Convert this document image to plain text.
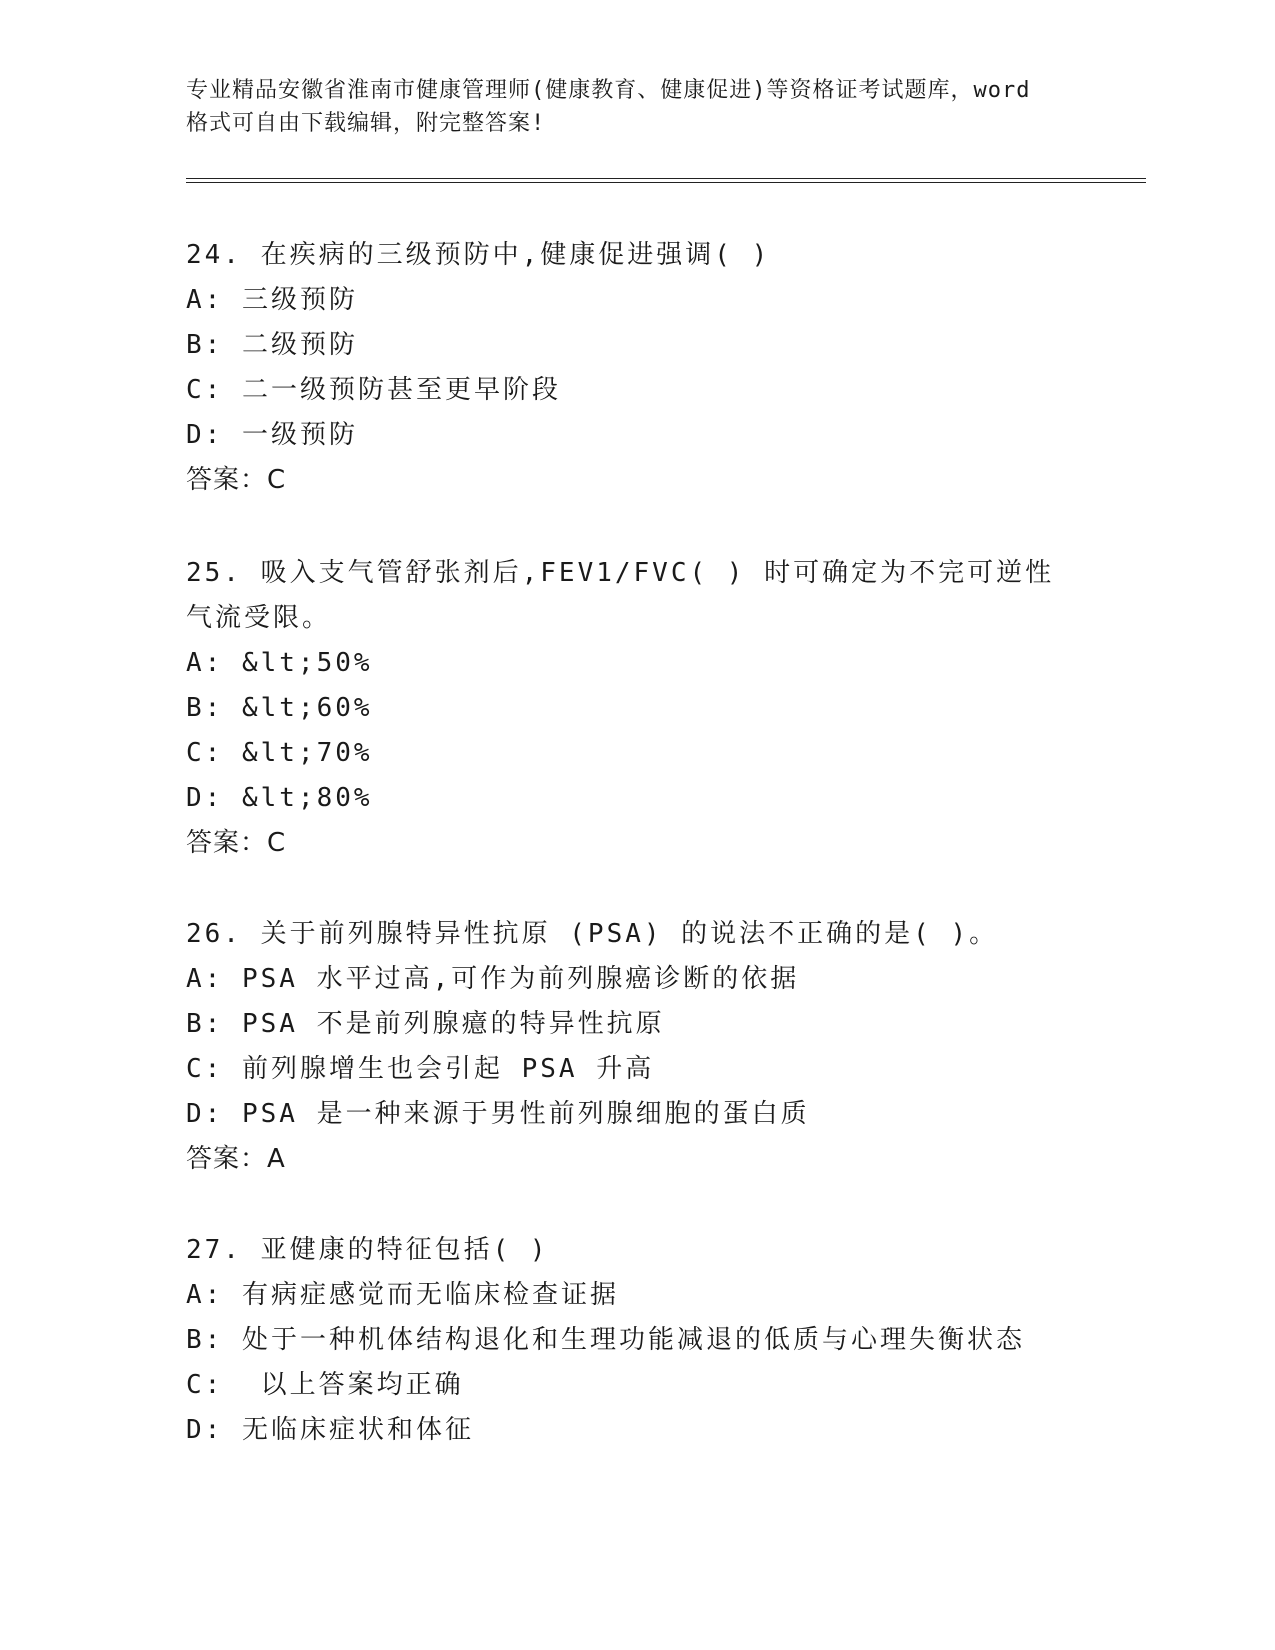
专业精品安徽省淮南市健康管理师(健康教育、健康促进)等资格证考试题库，word
格式可自由下载编辑，附完整答案!

24. 在疾病的三级预防中,健康促进强调( )

A: 三级预防

B: 二级预防

C: 二一级预防甚至更早阶段

D: 一级预防

答案：C

25. 吸入支气管舒张剂后,FEV1/FVC( ) 时可确定为不完可逆性

气流受限。

A: &lt;50%

B: &lt;60%

C: &lt;70%

D: &lt;80%

答案：C

26. 关于前列腺特异性抗原 (PSA) 的说法不正确的是( )。

A: PSA 水平过高,可作为前列腺癌诊断的依据

B: PSA 不是前列腺癔的特异性抗原

C: 前列腺增生也会引起 PSA 升高

D: PSA 是一种来源于男性前列腺细胞的蛋白质

答案：A

27. 亚健康的特征包括( )

A: 有病症感觉而无临床检查证据

B: 处于一种机体结构退化和生理功能减退的低质与心理失衡状态

C:  以上答案均正确

D: 无临床症状和体征
